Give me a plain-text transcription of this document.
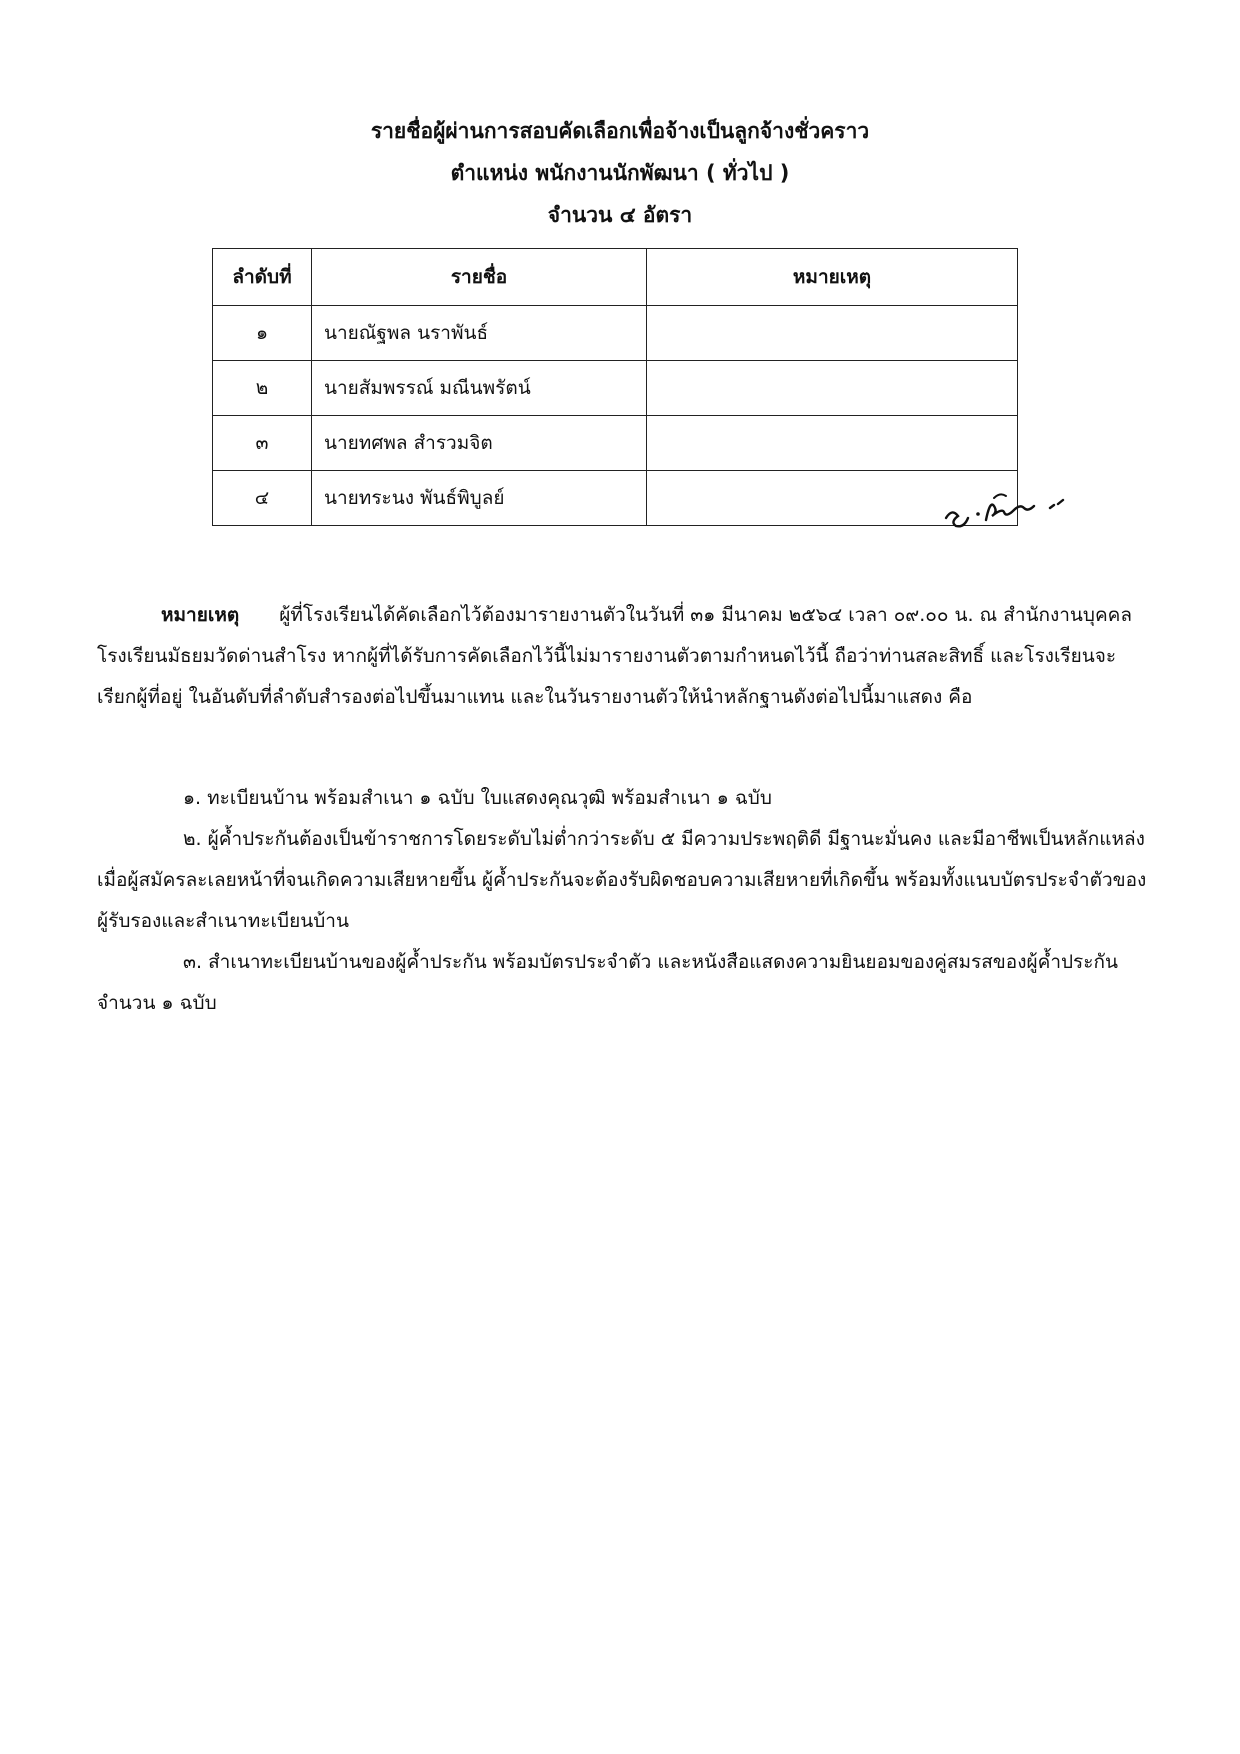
รายชื่อผู้ผ่านการสอบคัดเลือกเพื่อจ้างเป็นลูกจ้างชั่วคราว
ตำแหน่ง พนักงานนักพัฒนา ( ทั่วไป )
จำนวน ๔ อัตรา
ลำดับที่	รายชื่อ	หมายเหตุ
๑	นายณัฐพล นราพันธ์	
๒	นายสัมพรรณ์ มณีนพรัตน์	
๓	นายทศพล สำรวมจิต	
๔	นายทระนง พันธ์พิบูลย์	
หมายเหตุ ผู้ที่โรงเรียนได้คัดเลือกไว้ต้องมารายงานตัวในวันที่ ๓๑ มีนาคม ๒๕๖๔ เวลา ๐๙.๐๐ น. ณ สำนักงานบุคคล โรงเรียนมัธยมวัดด่านสำโรง หากผู้ที่ได้รับการคัดเลือกไว้นี้ไม่มารายงานตัวตามกำหนดไว้นี้ ถือว่าท่านสละสิทธิ์ และโรงเรียนจะเรียกผู้ที่อยู่ ในอันดับที่ลำดับสำรองต่อไปขึ้นมาแทน และในวันรายงานตัวให้นำหลักฐานดังต่อไปนี้มาแสดง คือ
๑. ทะเบียนบ้าน พร้อมสำเนา ๑ ฉบับ ใบแสดงคุณวุฒิ พร้อมสำเนา ๑ ฉบับ
๒. ผู้ค้ำประกันต้องเป็นข้าราชการโดยระดับไม่ต่ำกว่าระดับ ๕ มีความประพฤติดี มีฐานะมั่นคง และมีอาชีพเป็นหลักแหล่งเมื่อผู้สมัครละเลยหน้าที่จนเกิดความเสียหายขึ้น ผู้ค้ำประกันจะต้องรับผิดชอบความเสียหายที่เกิดขึ้น พร้อมทั้งแนบบัตรประจำตัวของผู้รับรองและสำเนาทะเบียนบ้าน
๓. สำเนาทะเบียนบ้านของผู้ค้ำประกัน พร้อมบัตรประจำตัว และหนังสือแสดงความยินยอมของคู่สมรสของผู้ค้ำประกัน จำนวน ๑ ฉบับ
